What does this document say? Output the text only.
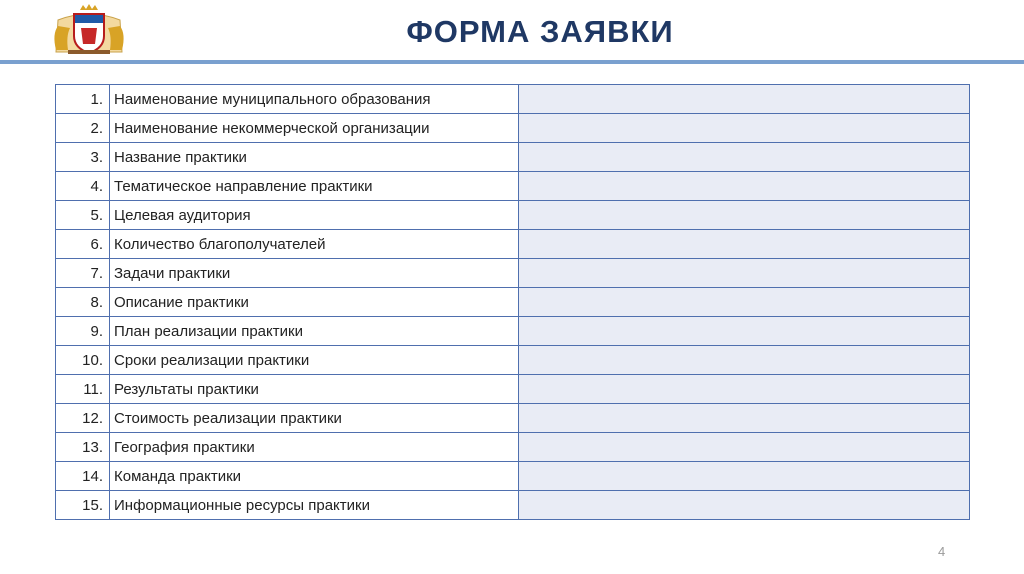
ФОРМА ЗАЯВКИ
1.	Наименование муниципального образования	
2.	Наименование некоммерческой организации	
3.	Название практики	
4.	Тематическое направление практики	
5.	Целевая аудитория	
6.	Количество благополучателей	
7.	Задачи практики	
8.	Описание практики	
9.	План реализации практики	
10.	Сроки реализации практики	
11.	Результаты практики	
12.	Стоимость реализации практики	
13.	География практики	
14.	Команда практики	
15.	Информационные ресурсы практики	
4
